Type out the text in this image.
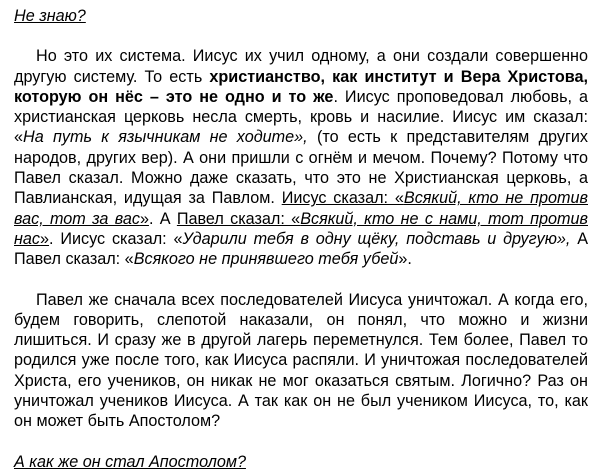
Не знаю?

Но это их система. Иисус их учил одному, а они создали совершенно другую систему. То есть христианство, как институт и Вера Христова, которую он нёс – это не одно и то же. Иисус проповедовал любовь, а христианская церковь несла смерть, кровь и насилие. Иисус им сказал: «На путь к язычникам не ходите», (то есть к представителям других народов, других вер). А они пришли с огнём и мечом. Почему? Потому что Павел сказал. Можно даже сказать, что это не Христианская церковь, а Павлианская, идущая за Павлом. Иисус сказал: «Всякий, кто не против вас, тот за вас». А Павел сказал: «Всякий, кто не с нами, тот против нас». Иисус сказал: «Ударили тебя в одну щёку, подставь и другую», А Павел сказал: «Всякого не принявшего тебя убей».

Павел же сначала всех последователей Иисуса уничтожал. А когда его, будем говорить, слепотой наказали, он понял, что можно и жизни лишиться. И сразу же в другой лагерь переметнулся. Тем более, Павел то родился уже после того, как Иисуса распяли. И уничтожая последователей Христа, его учеников, он никак не мог оказаться святым. Логично? Раз он уничтожал учеников Иисуса. А так как он не был учеником Иисуса, то, как он может быть Апостолом?

А как же он стал Апостолом?
